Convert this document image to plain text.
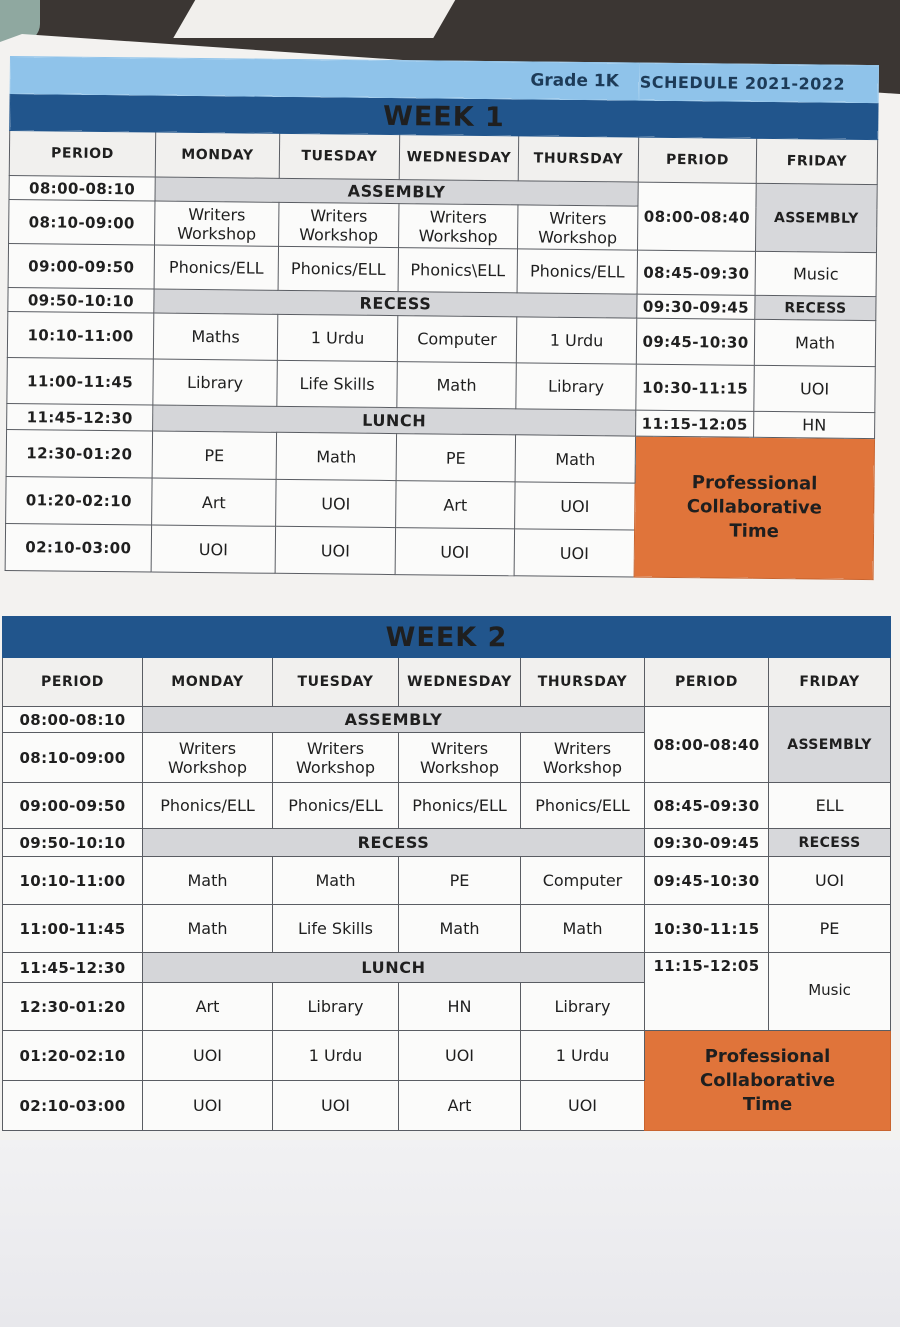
Grade 1K					SCHEDULE 2021-2022	
WEEK 1						
PERIOD	MONDAY	TUESDAY	WEDNESDAY	THURSDAY	PERIOD	FRIDAY
08:00-08:10	ASSEMBLY				08:00-08:40	ASSEMBLY
08:10-09:00	Writers Workshop	Writers Workshop	Writers Workshop	Writers Workshop		
09:00-09:50	Phonics/ELL	Phonics/ELL	Phonics\ELL	Phonics/ELL	08:45-09:30	Music
09:50-10:10	RECESS				09:30-09:45	RECESS
10:10-11:00	Maths	1 Urdu	Computer	1 Urdu	09:45-10:30	Math
11:00-11:45	Library	Life Skills	Math	Library	10:30-11:15	UOI
11:45-12:30	LUNCH				11:15-12:05	HN
12:30-01:20	PE	Math	PE	Math	Professional
Collaborative
Time	

01:20-02:10	Art	UOI	Art	UOI		
02:10-03:00	UOI	UOI	UOI	UOI		
WEEK 2						
PERIOD	MONDAY	TUESDAY	WEDNESDAY	THURSDAY	PERIOD	FRIDAY
08:00-08:10	ASSEMBLY				08:00-08:40	ASSEMBLY
08:10-09:00	Writers Workshop	Writers Workshop	Writers Workshop	Writers Workshop		
09:00-09:50	Phonics/ELL	Phonics/ELL	Phonics/ELL	Phonics/ELL	08:45-09:30	ELL
09:50-10:10	RECESS				09:30-09:45	RECESS
10:10-11:00	Math	Math	PE	Computer	09:45-10:30	UOI
11:00-11:45	Math	Life Skills	Math	Math	10:30-11:15	PE
11:45-12:30	LUNCH				11:15-12:05	Music
12:30-01:20	Art	Library	HN	Library		
01:20-02:10	UOI	1 Urdu	UOI	1 Urdu	Professional
Collaborative
Time	

02:10-03:00	UOI	UOI	Art	UOI		
